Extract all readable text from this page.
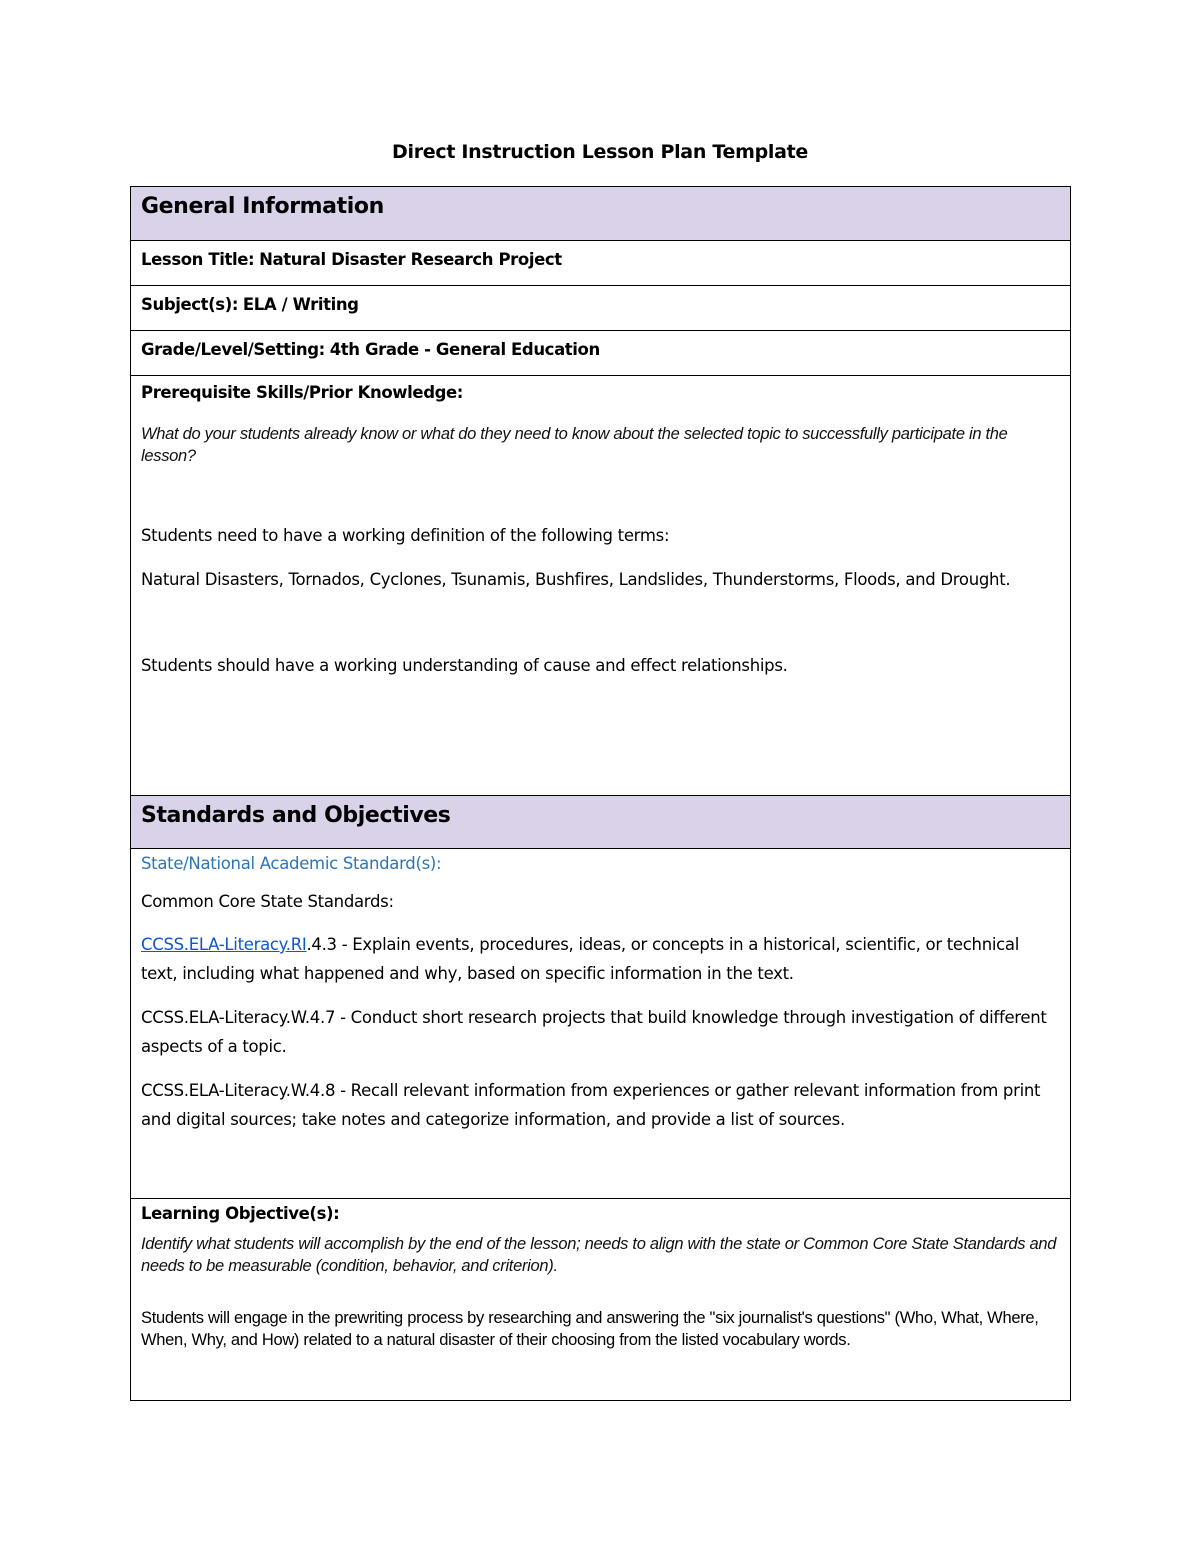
Direct Instruction Lesson Plan Template
General Information
Lesson Title: Natural Disaster Research Project
Subject(s): ELA / Writing
Grade/Level/Setting: 4th Grade - General Education

Prerequisite Skills/Prior Knowledge:

What do your students already know or what do they need to know about the selected topic to successfully participate in the lesson?

Students need to have a working definition of the following terms:

Natural Disasters, Tornados, Cyclones, Tsunamis, Bushfires, Landslides, Thunderstorms, Floods, and Drought.

Students should have a working understanding of cause and effect relationships.

Standards and Objectives

State/National Academic Standard(s):

Common Core State Standards:

CCSS.ELA-Literacy.RI.4.3 - Explain events, procedures, ideas, or concepts in a historical, scientific, or technical text, including what happened and why, based on specific information in the text.

CCSS.ELA-Literacy.W.4.7 - Conduct short research projects that build knowledge through investigation of different aspects of a topic.

CCSS.ELA-Literacy.W.4.8 - Recall relevant information from experiences or gather relevant information from print and digital sources; take notes and categorize information, and provide a list of sources.

Learning Objective(s):

Identify what students will accomplish by the end of the lesson; needs to align with the state or Common Core State Standards and needs to be measurable (condition, behavior, and criterion).

Students will engage in the prewriting process by researching and answering the "six journalist's questions" (Who, What, Where, When, Why, and How) related to a natural disaster of their choosing from the listed vocabulary words.
